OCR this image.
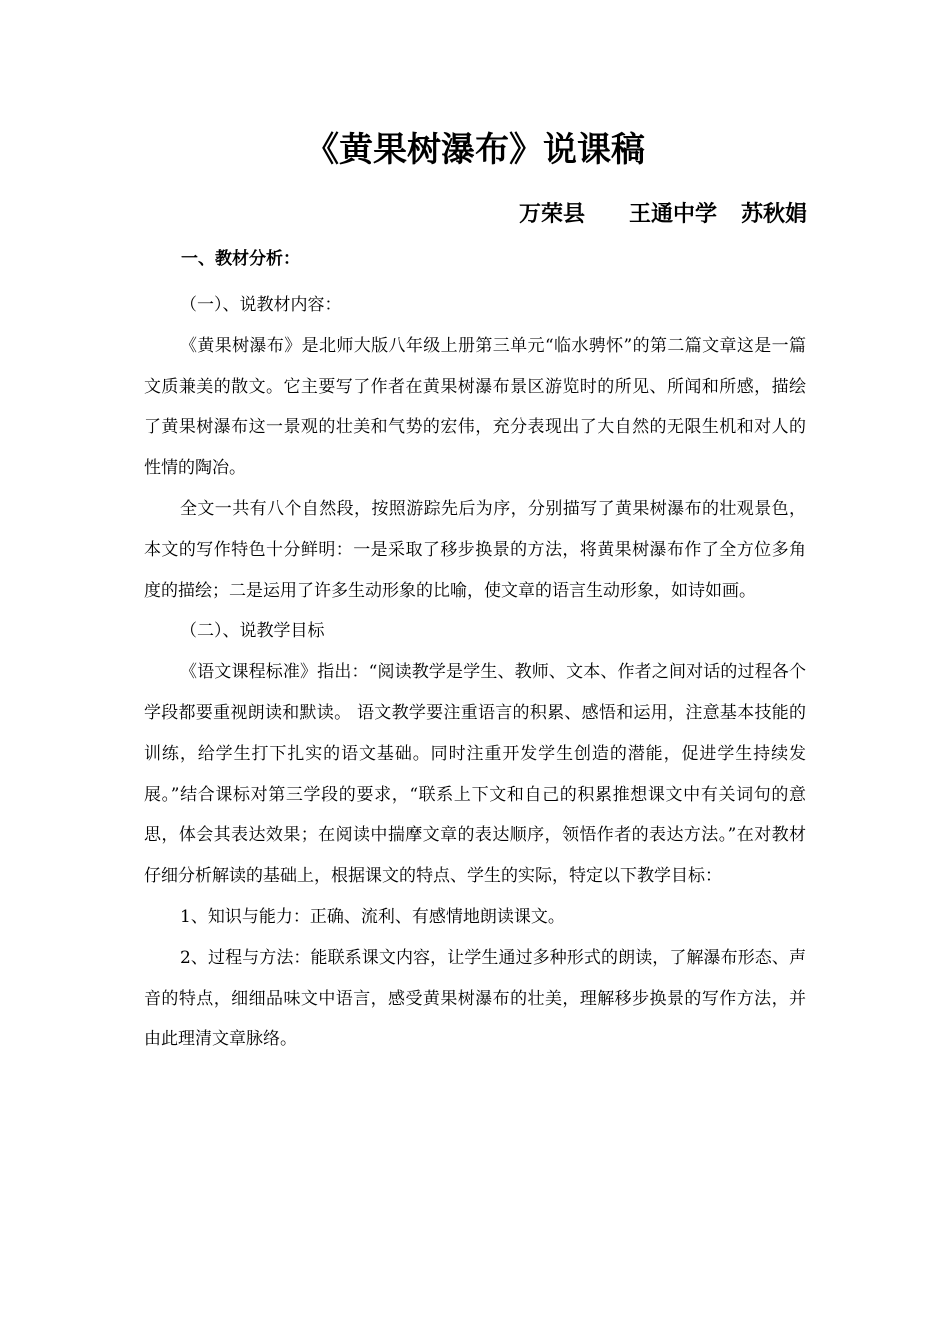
《黄果树瀑布》说课稿
万荣县 王通中学 苏秋娟
一、教材分析：

（一）、说教材内容：

《黄果树瀑布》是北师大版八年级上册第三单元“临水骋怀”的第二篇文章这是一篇文质兼美的散文。它主要写了作者在黄果树瀑布景区游览时的所见、所闻和所感，描绘了黄果树瀑布这一景观的壮美和气势的宏伟，充分表现出了大自然的无限生机和对人的性情的陶冶。

全文一共有八个自然段，按照游踪先后为序，分别描写了黄果树瀑布的壮观景色，本文的写作特色十分鲜明：一是采取了移步换景的方法，将黄果树瀑布作了全方位多角度的描绘；二是运用了许多生动形象的比喻，使文章的语言生动形象，如诗如画。

（二）、说教学目标

《语文课程标准》指出：“阅读教学是学生、教师、文本、作者之间对话的过程各个学段都要重视朗读和默读。 语文教学要注重语言的积累、感悟和运用，注意基本技能的训练，给学生打下扎实的语文基础。同时注重开发学生创造的潜能，促进学生持续发展。”结合课标对第三学段的要求，“联系上下文和自己的积累推想课文中有关词句的意思，体会其表达效果；在阅读中揣摩文章的表达顺序，领悟作者的表达方法。”在对教材仔细分析解读的基础上，根据课文的特点、学生的实际，特定以下教学目标：

1、知识与能力：正确、流利、有感情地朗读课文。

2、过程与方法：能联系课文内容，让学生通过多种形式的朗读，了解瀑布形态、声音的特点，细细品味文中语言，感受黄果树瀑布的壮美，理解移步换景的写作方法，并由此理清文章脉络。
